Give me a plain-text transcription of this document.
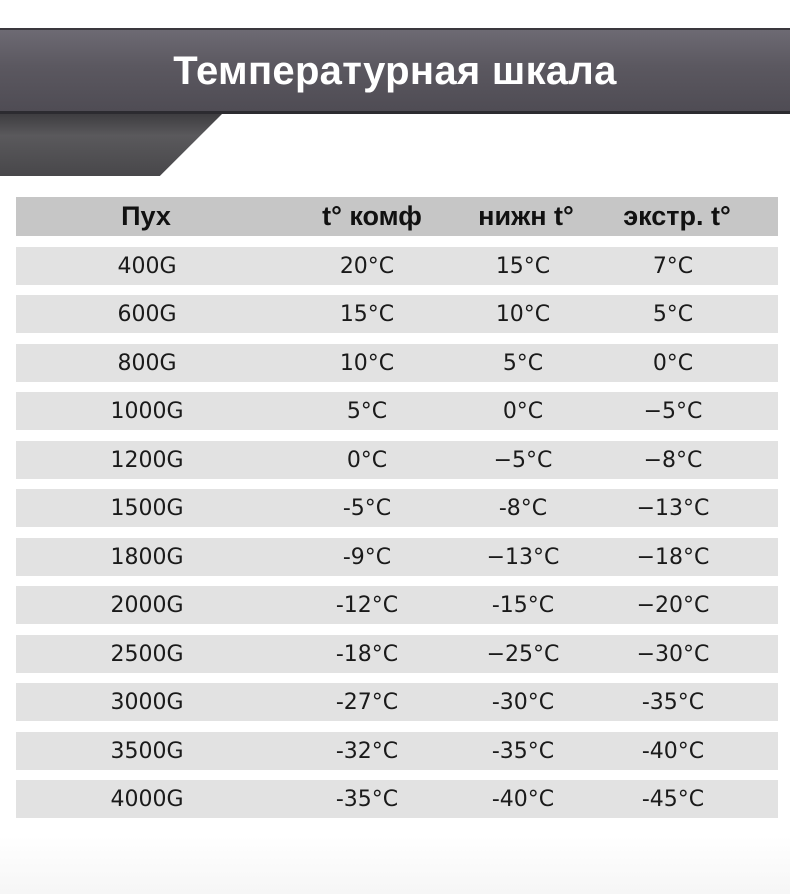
Температурная шкала
Пух	t° комф	нижн t°	экстр. t°
400G	20°C	15°C	7°C
600G	15°C	10°C	5°C
800G	10°C	5°C	0°C
1000G	5°C	0°C	−5°C
1200G	0°C	−5°C	−8°C
1500G	-5°C	-8°C	−13°C
1800G	-9°C	−13°C	−18°C
2000G	-12°C	-15°C	−20°C
2500G	-18°C	−25°C	−30°C
3000G	-27°C	-30°C	-35°C
3500G	-32°C	-35°C	-40°C
4000G	-35°C	-40°C	-45°C
